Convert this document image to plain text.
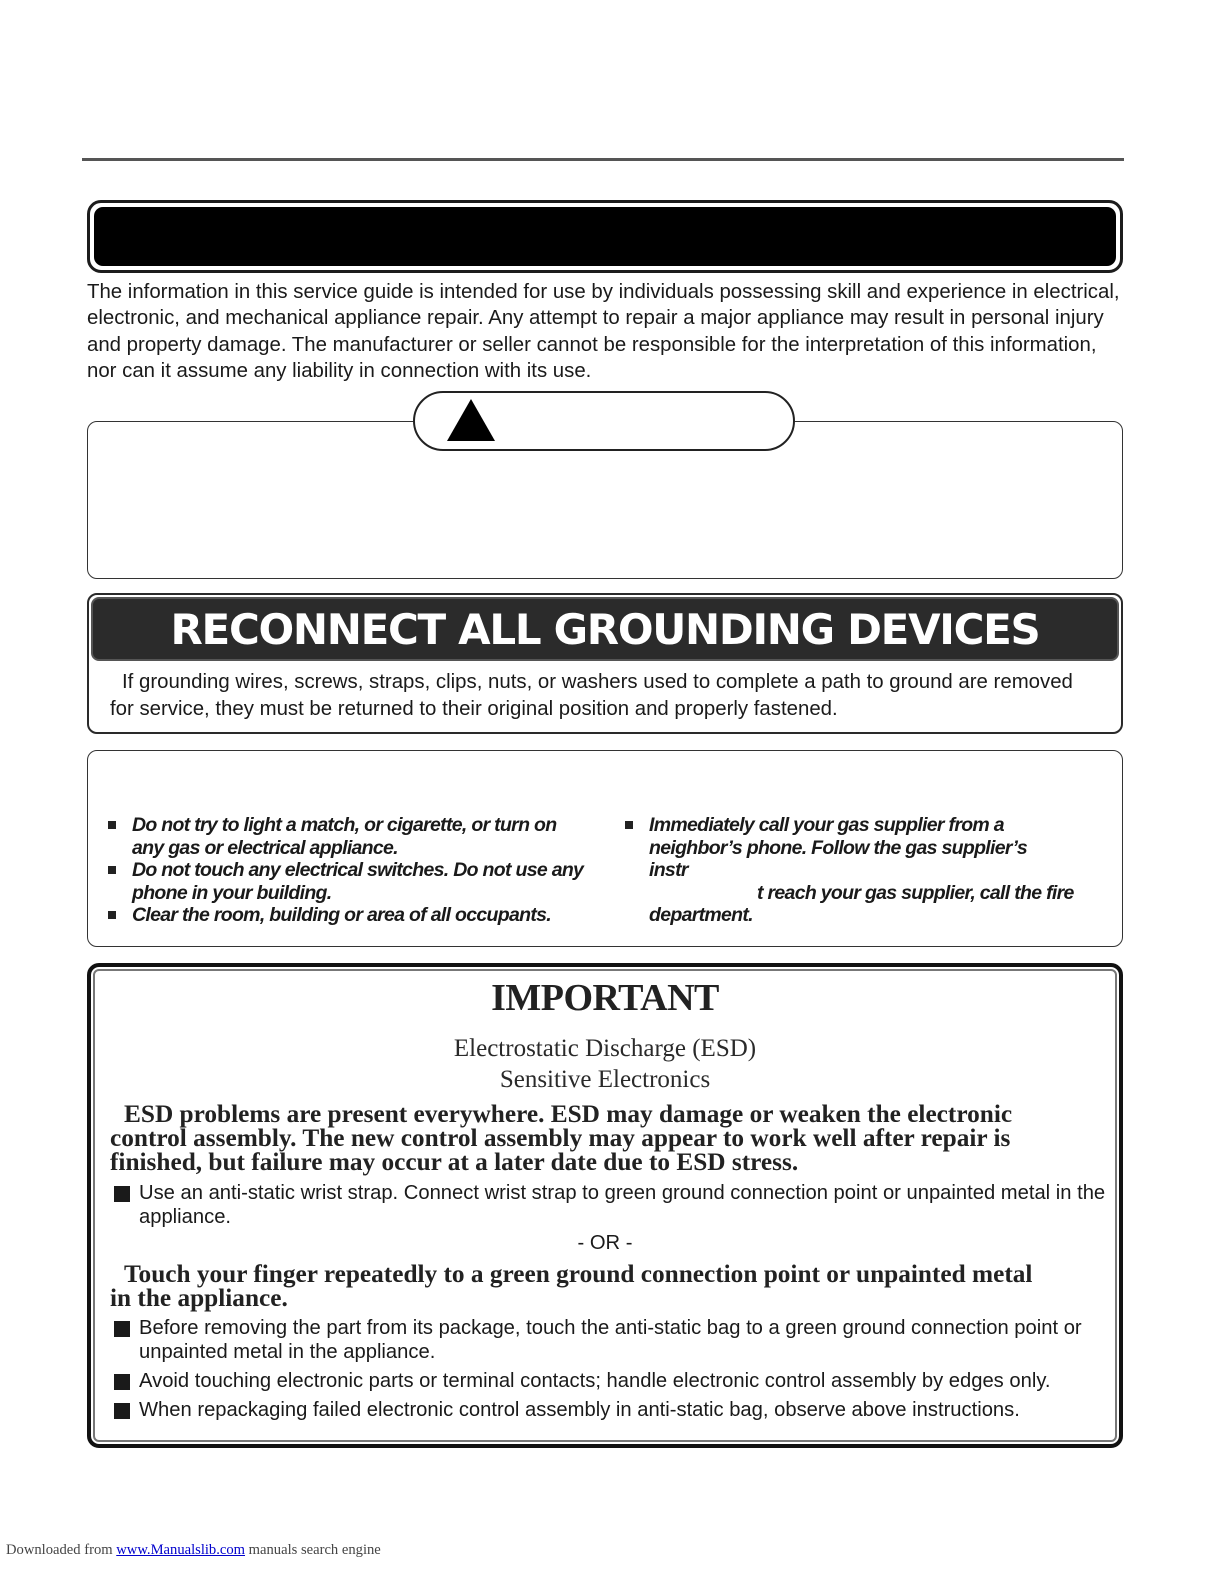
The information in this service guide is intended for use by individuals possessing skill and experience in electrical, electronic, and mechanical appliance repair. Any attempt to repair a major appliance may result in personal injury and property damage. The manufacturer or seller cannot be responsible for the interpretation of this information, nor can it assume any liability in connection with its use.
RECONNECT ALL GROUNDING DEVICES
If grounding wires, screws, straps, clips, nuts, or washers used to complete a path to ground are removed for service, they must be returned to their original position and properly fastened.
Do not try to light a match, or cigarette, or turn on any gas or electrical appliance.
Do not touch any electrical switches. Do not use any phone in your building.
Clear the room, building or area of all occupants.
Immediately call your gas supplier from a
neighbor’s phone. Follow the gas supplier’s
instr
t reach your gas supplier, call the fire
department.
IMPORTANT
Electrostatic Discharge (ESD)
Sensitive Electronics
ESD problems are present everywhere. ESD may damage or weaken the electronic
control assembly. The new control assembly may appear to work well after repair is
finished, but failure may occur at a later date due to ESD stress.
Use an anti-static wrist strap. Connect wrist strap to green ground connection point or unpainted metal in the appliance.
- OR -
Touch your finger repeatedly to a green ground connection point or unpainted metal
in the appliance.
Before removing the part from its package, touch the anti-static bag to a green ground connection point or unpainted metal in the appliance.
Avoid touching electronic parts or terminal contacts; handle electronic control assembly by edges only.
When repackaging failed electronic control assembly in anti-static bag, observe above instructions.
Downloaded from www.Manualslib.com manuals search engine
